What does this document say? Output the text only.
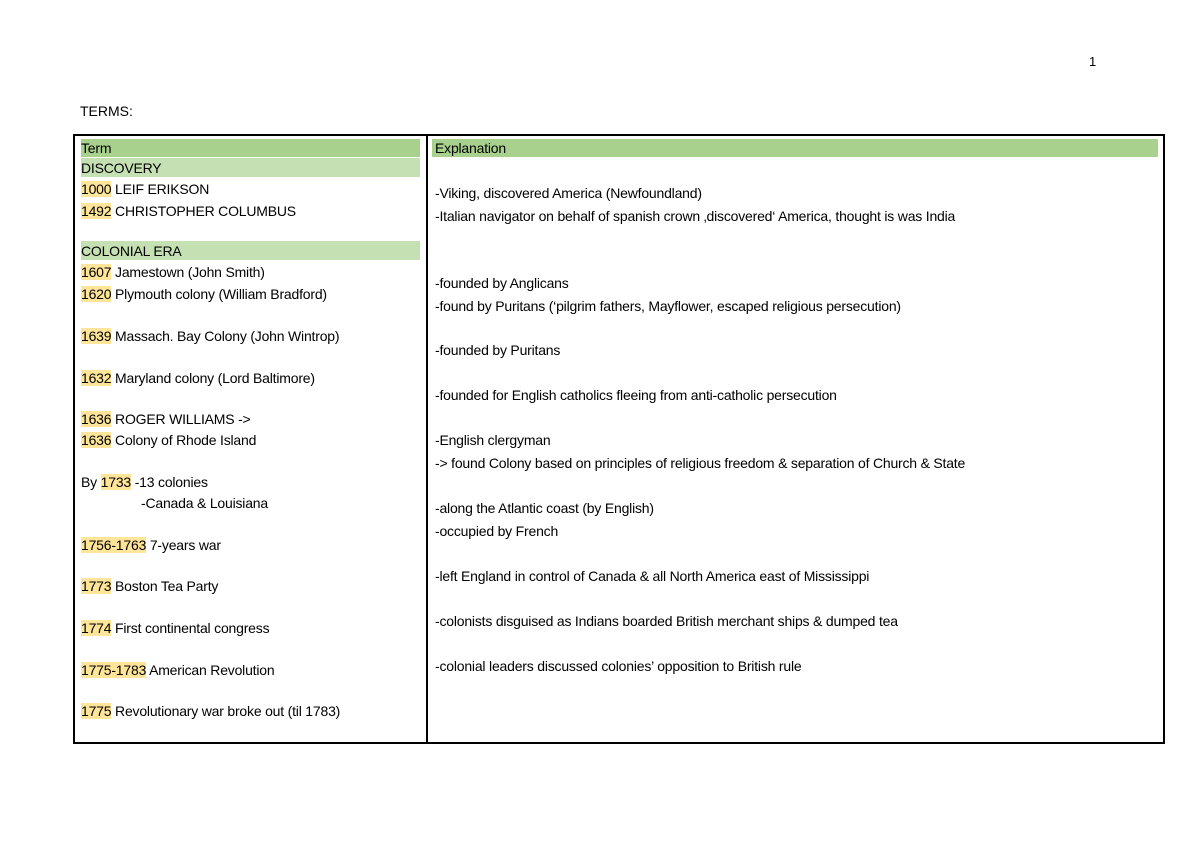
1
TERMS:
Term	Explanation
DISCOVERY
1000 LEIF ERIKSON
1492 CHRISTOPHER COLUMBUS
COLONIAL ERA
1607 Jamestown (John Smith)
1620 Plymouth colony (William Bradford)
1639 Massach. Bay Colony (John Wintrop)
1632 Maryland colony (Lord Baltimore)
1636 ROGER WILLIAMS ->
1636 Colony of Rhode Island
By 1733 -13 colonies
-Canada & Louisiana
1756-1763 7-years war
1773 Boston Tea Party
1774 First continental congress
1775-1783 American Revolution
1775 Revolutionary war broke out (til 1783)
-Viking, discovered America (Newfoundland)
-Italian navigator on behalf of spanish crown ‚discovered‘ America, thought is was India
-founded by Anglicans
-found by Puritans (‘pilgrim fathers, Mayflower, escaped religious persecution)
-founded by Puritans
-founded for English catholics fleeing from anti-catholic persecution
-English clergyman
-> found Colony based on principles of religious freedom & separation of Church & State
-along the Atlantic coast (by English)
-occupied by French
-left England in control of Canada & all North America east of Mississippi
-colonists disguised as Indians boarded British merchant ships & dumped tea
-colonial leaders discussed colonies’ opposition to British rule
